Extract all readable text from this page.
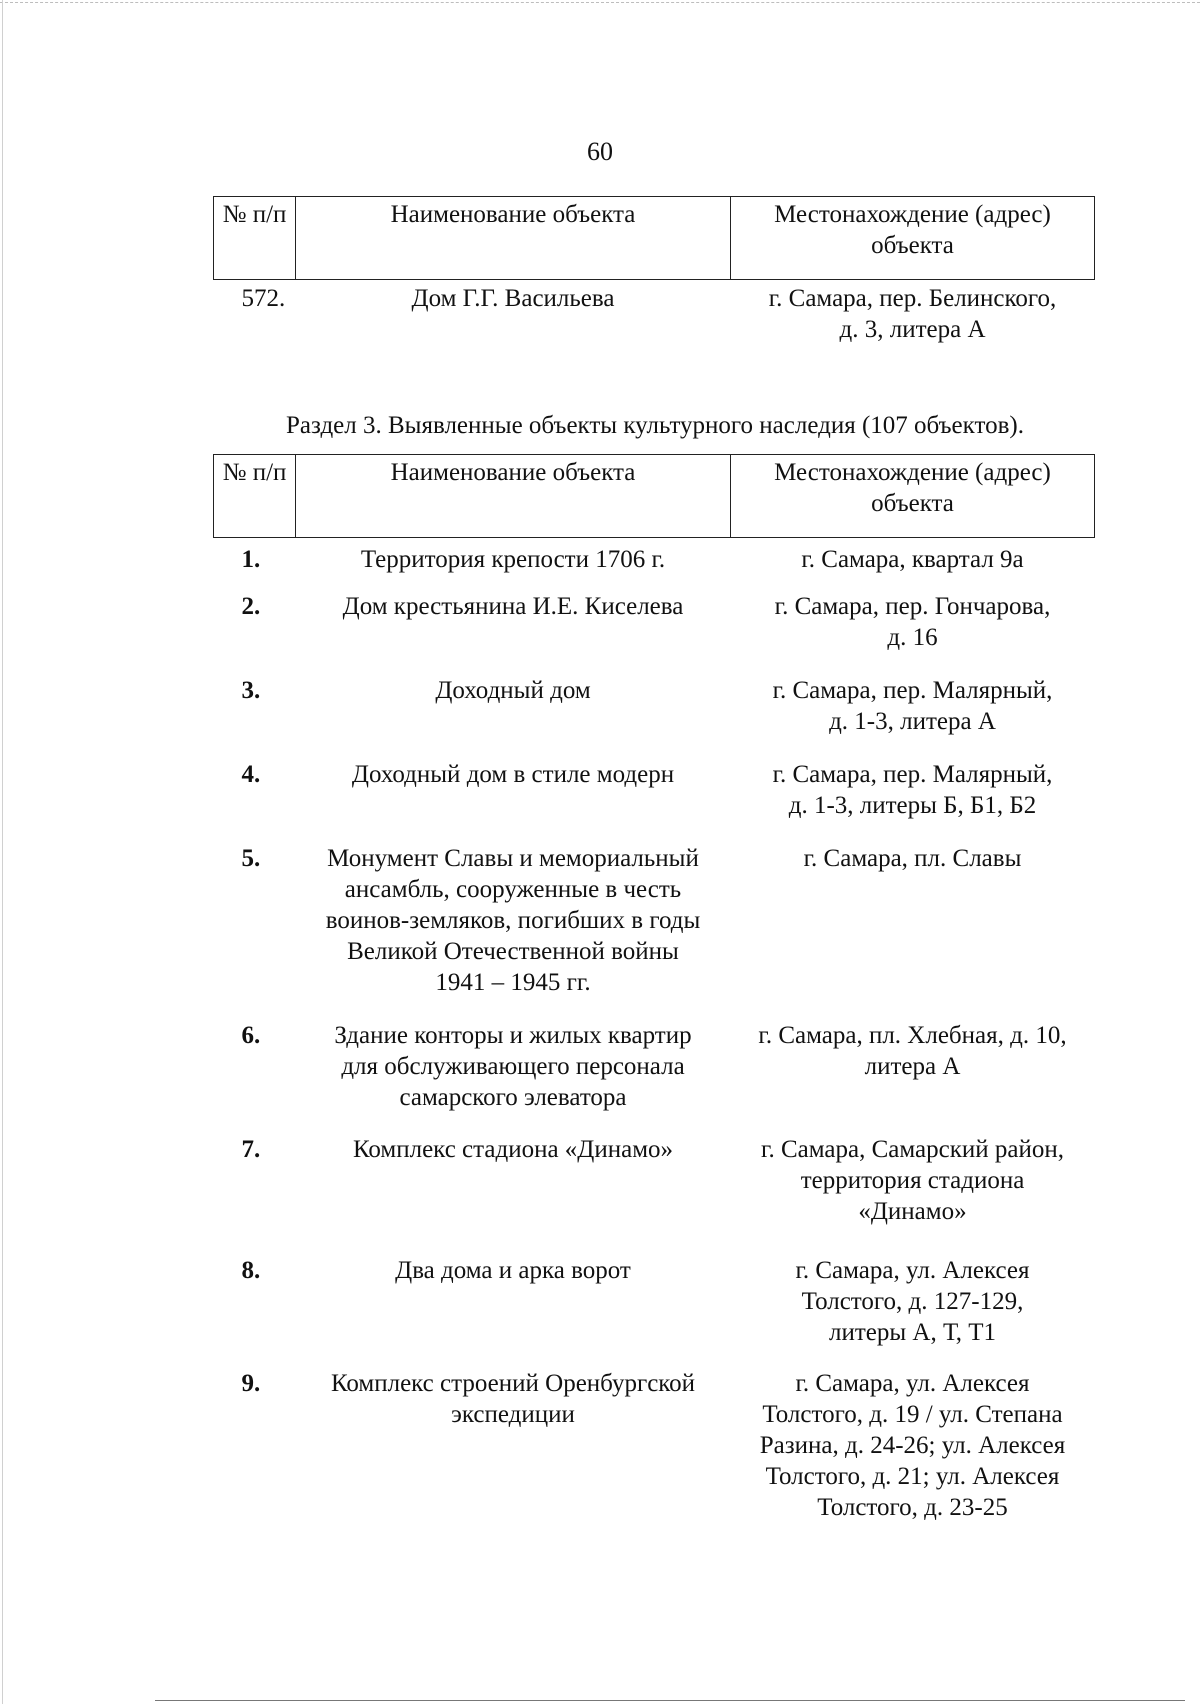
60
№ п/п	Наименование объекта	Местонахождение (адрес) объекта

572.	Дом Г.Г. Васильева	г. Самара, пер. Белинского,
д. 3, литера А
Раздел 3. Выявленные объекты культурного наследия (107 объектов).
№ п/п	Наименование объекта	Местонахождение (адрес) объекта

1.	Территория крепости 1706 г.	г. Самара, квартал 9а

2.	Дом крестьянина И.Е. Киселева	г. Самара, пер. Гончарова,
д. 16

3.	Доходный дом	г. Самара, пер. Малярный,
д. 1-3, литера А

4.	Доходный дом в стиле модерн	г. Самара, пер. Малярный,
д. 1-3, литеры Б, Б1, Б2

5.	Монумент Славы и мемориальный
ансамбль, сооруженные в честь
воинов-земляков, погибших в годы
Великой Отечественной войны
1941 – 1945 гг.	г. Самара, пл. Славы

6.	Здание конторы и жилых квартир
для обслуживающего персонала
самарского элеватора	г. Самара, пл. Хлебная, д. 10,
литера А

7.	Комплекс стадиона «Динамо»	г. Самара, Самарский район,
территория стадиона
«Динамо»

8.	Два дома и арка ворот	г. Самара, ул. Алексея
Толстого, д. 127-129,
литеры А, Т, Т1

9.	Комплекс строений Оренбургской
экспедиции	г. Самара, ул. Алексея
Толстого, д. 19 / ул. Степана
Разина, д. 24-26; ул. Алексея
Толстого, д. 21; ул. Алексея
Толстого, д. 23-25
